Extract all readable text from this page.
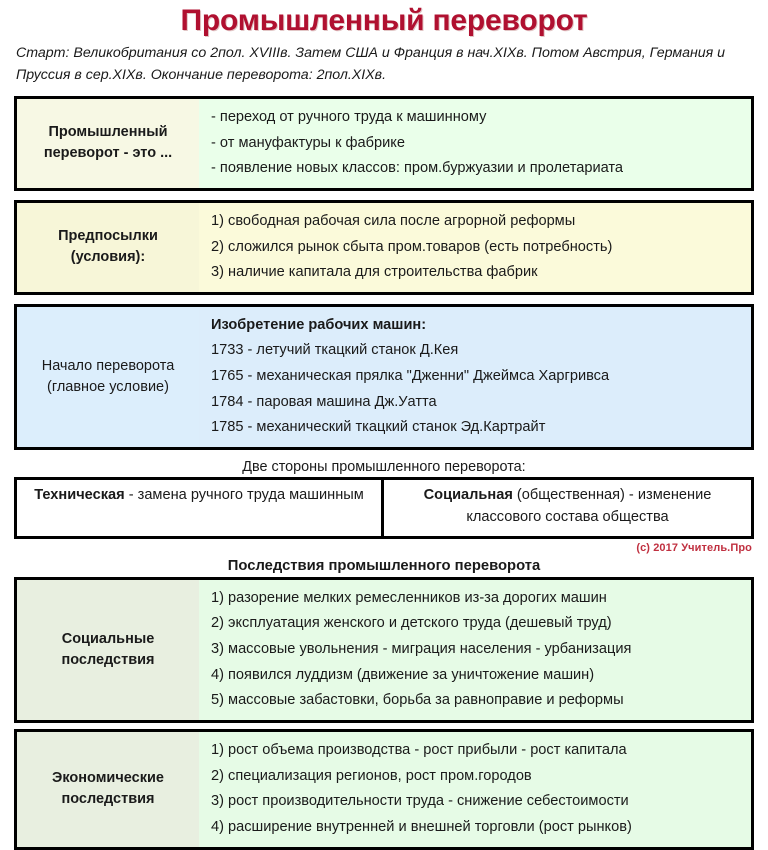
Промышленный переворот

Старт: Великобритания со 2пол. XVIIIв. Затем США и Франция в нач.XIXв. Потом Австрия, Германия и Пруссия в сер.XIXв. Окончание переворота: 2пол.XIXв.

Промышленный переворот - это ...
- переход от ручного труда к машинному
- от мануфактуры к фабрике
- появление новых классов: пром.буржуазии и пролетариата
Предпосылки (условия):
1) свободная рабочая сила после агрорной реформы
2) сложился рынок сбыта пром.товаров (есть потребность)
3) наличие капитала для строительства фабрик
Начало переворота (главное условие)
Изобретение рабочих машин:
1733 - летучий ткацкий станок Д.Кея
1765 - механическая прялка "Дженни" Джеймса Харгривса
1784 - паровая машина Дж.Уатта
1785 - механический ткацкий станок Эд.Картрайт
Две стороны промышленного переворота:
Техническая - замена ручного труда машинным	Социальная (общественная) - изменение классового состава общества
(c) 2017 Учитель.Про
Последствия промышленного переворота
Социальные последствия
1) разорение мелких ремесленников из-за дорогих машин
2) эксплуатация женского и детского труда (дешевый труд)
3) массовые увольнения - миграция населения - урбанизация
4) появился луддизм (движение за уничтожение машин)
5) массовые забастовки, борьба за равноправие и реформы
Экономические последствия
1) рост объема производства - рост прибыли - рост капитала
2) специализация регионов, рост пром.городов
3) рост производительности труда - снижение себестоимости
4) расширение внутренней и внешней торговли (рост рынков)
